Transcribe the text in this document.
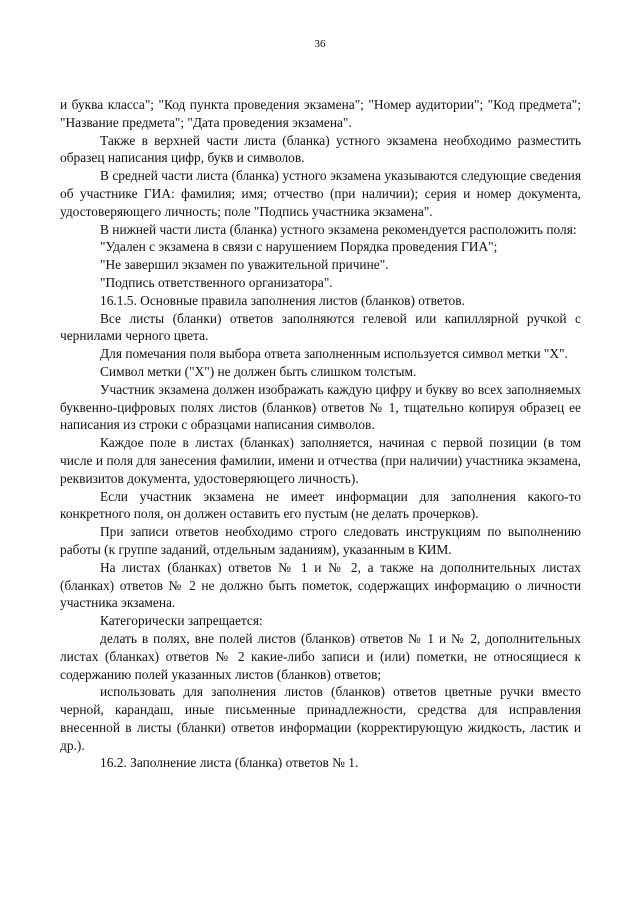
36

и буква класса"; "Код пункта проведения экзамена"; "Номер аудитории"; "Код предмета"; "Название предмета"; "Дата проведения экзамена".

Также в верхней части листа (бланка) устного экзамена необходимо разместить образец написания цифр, букв и символов.

В средней части листа (бланка) устного экзамена указываются следующие сведения об участнике ГИА: фамилия; имя; отчество (при наличии); серия и номер документа, удостоверяющего личность; поле "Подпись участника экзамена".

В нижней части листа (бланка) устного экзамена рекомендуется расположить поля:

"Удален с экзамена в связи с нарушением Порядка проведения ГИА";

"Не завершил экзамен по уважительной причине".

"Подпись ответственного организатора".

16.1.5. Основные правила заполнения листов (бланков) ответов.

Все листы (бланки) ответов заполняются гелевой или капиллярной ручкой с чернилами черного цвета.

Для помечания поля выбора ответа заполненным используется символ метки "X".

Символ метки ("X") не должен быть слишком толстым.

Участник экзамена должен изображать каждую цифру и букву во всех заполняемых буквенно-цифровых полях листов (бланков) ответов № 1, тщательно копируя образец ее написания из строки с образцами написания символов.

Каждое поле в листах (бланках) заполняется, начиная с первой позиции (в том числе и поля для занесения фамилии, имени и отчества (при наличии) участника экзамена, реквизитов документа, удостоверяющего личность).

Если участник экзамена не имеет информации для заполнения какого-то конкретного поля, он должен оставить его пустым (не делать прочерков).

При записи ответов необходимо строго следовать инструкциям по выполнению работы (к группе заданий, отдельным заданиям), указанным в КИМ.

На листах (бланках) ответов № 1 и № 2, а также на дополнительных листах (бланках) ответов № 2 не должно быть пометок, содержащих информацию о личности участника экзамена.

Категорически запрещается:

делать в полях, вне полей листов (бланков) ответов № 1 и № 2, дополнительных листах (бланках) ответов № 2 какие-либо записи и (или) пометки, не относящиеся к содержанию полей указанных листов (бланков) ответов;

использовать для заполнения листов (бланков) ответов цветные ручки вместо черной, карандаш, иные письменные принадлежности, средства для исправления внесенной в листы (бланки) ответов информации (корректирующую жидкость, ластик и др.).

16.2. Заполнение листа (бланка) ответов № 1.
